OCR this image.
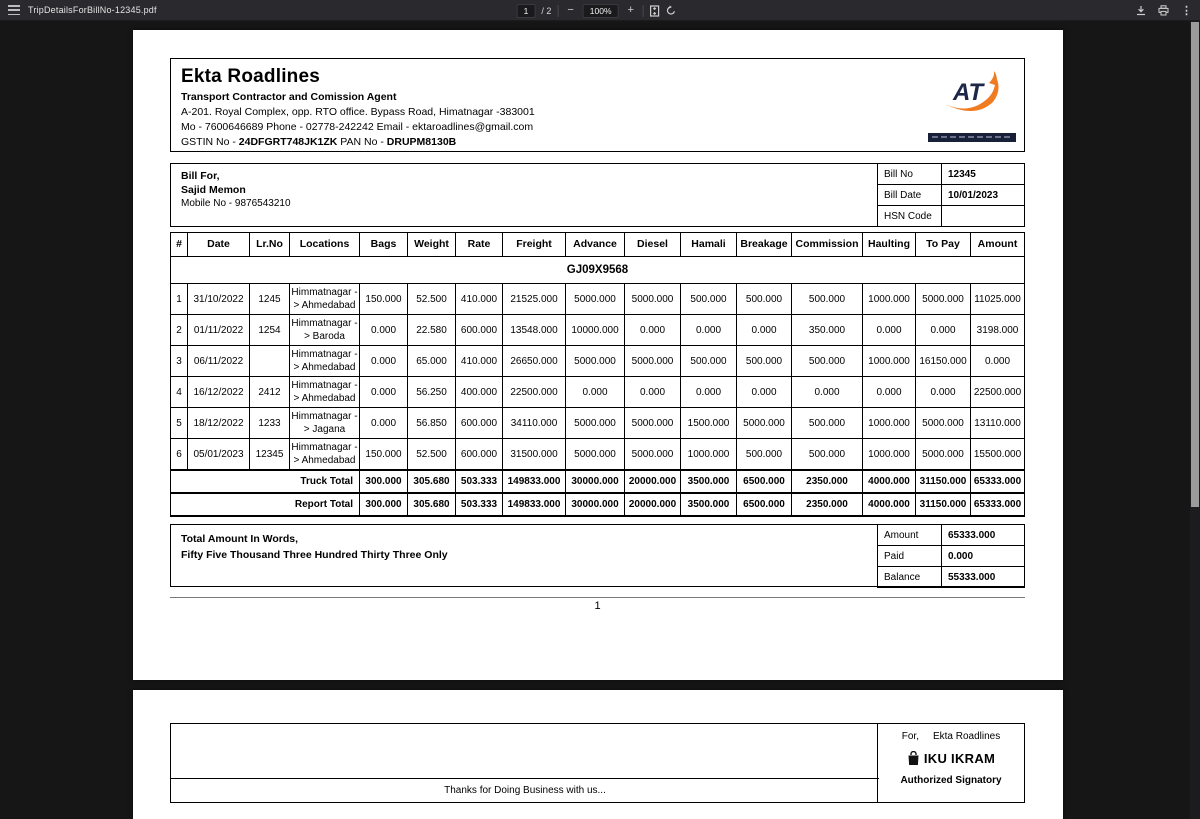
TripDetailsForBillNo-12345.pdf	1	/ 2 −	100%	+	⋮
Ekta Roadlines
Transport Contractor and Comission Agent
A-201. Royal Complex, opp. RTO office. Bypass Road, Himatnagar -383001
Mo - 7600646689 Phone - 02778-242242 Email - ektaroadlines@gmail.com
GSTIN No - 24DFGRT748JK1ZK PAN No - DRUPM8130B
AT
Bill For,
Sajid Memon
Mobile No - 9876543210
Bill No	12345
Bill Date	10/01/2023
HSN Code	
#	Date	Lr.No	Locations	Bags	Weight	Rate	Freight	Advance	Diesel	Hamali	Breakage	Commission	Haulting	To Pay	Amount
GJ09X9568															
1	31/10/2022	1245	Himmatnagar -> Ahmedabad	150.000	52.500	410.000	21525.000	5000.000	5000.000	500.000	500.000	500.000	1000.000	5000.000	11025.000
2	01/11/2022	1254	Himmatnagar -> Baroda	0.000	22.580	600.000	13548.000	10000.000	0.000	0.000	0.000	350.000	0.000	0.000	3198.000
3	06/11/2022		Himmatnagar -> Ahmedabad	0.000	65.000	410.000	26650.000	5000.000	5000.000	500.000	500.000	500.000	1000.000	16150.000	0.000
4	16/12/2022	2412	Himmatnagar -> Ahmedabad	0.000	56.250	400.000	22500.000	0.000	0.000	0.000	0.000	0.000	0.000	0.000	22500.000
5	18/12/2022	1233	Himmatnagar -> Jagana	0.000	56.850	600.000	34110.000	5000.000	5000.000	1500.000	5000.000	500.000	1000.000	5000.000	13110.000
6	05/01/2023	12345	Himmatnagar -> Ahmedabad	150.000	52.500	600.000	31500.000	5000.000	5000.000	1000.000	500.000	500.000	1000.000	5000.000	15500.000
Truck Total				300.000	305.680	503.333	149833.000	30000.000	20000.000	3500.000	6500.000	2350.000	4000.000	31150.000	65333.000
Report Total				300.000	305.680	503.333	149833.000	30000.000	20000.000	3500.000	6500.000	2350.000	4000.000	31150.000	65333.000
Total Amount In Words,
Fifty Five Thousand Three Hundred Thirty Three Only
Amount	65333.000
Paid	0.000
Balance	55333.000
1
For, Ekta Roadlines
IKU IKRAM
Authorized Signatory
Thanks for Doing Business with us...
